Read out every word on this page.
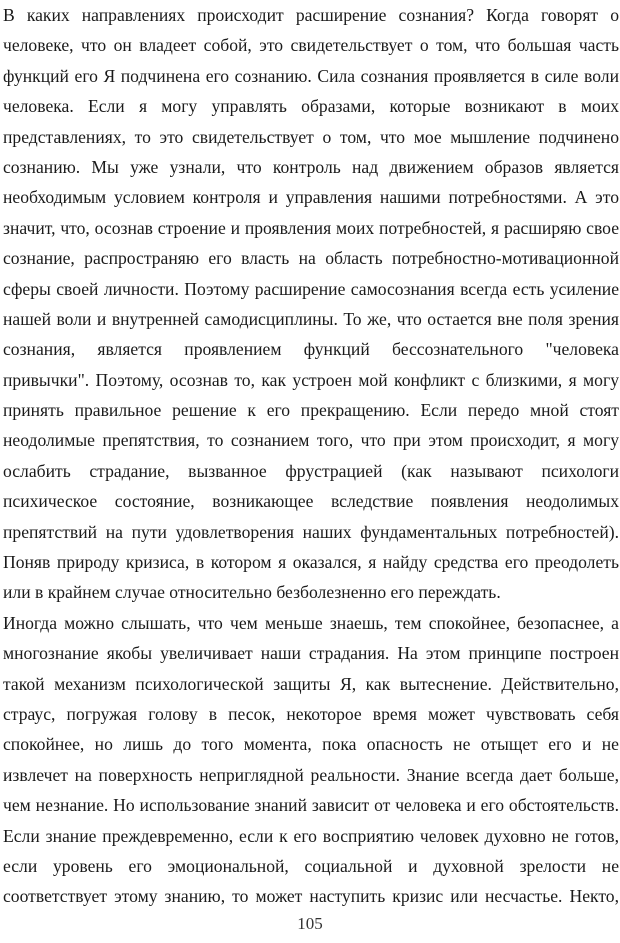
В каких направлениях происходит расширение сознания? Когда говорят о
человеке, что он владеет собой, это свидетельствует о том, что большая часть
функций его Я подчинена его сознанию. Сила сознания проявляется в силе воли
человека. Если я могу управлять образами, которые возникают в моих
представлениях, то это свидетельствует о том, что мое мышление подчинено
сознанию. Мы уже узнали, что контроль над движением образов является
необходимым условием контроля и управления нашими потребностями. А это
значит, что, осознав строение и проявления моих потребностей, я расширяю свое
сознание, распространяю его власть на область потребностно-мотивационной
сферы своей личности. Поэтому расширение самосознания всегда есть усиление
нашей воли и внутренней самодисциплины. То же, что остается вне поля зрения
сознания, является проявлением функций бессознательного "человека
привычки". Поэтому, осознав то, как устроен мой конфликт с близкими, я могу
принять правильное решение к его прекращению. Если передо мной стоят
неодолимые препятствия, то сознанием того, что при этом происходит, я могу
ослабить страдание, вызванное фрустрацией (как называют психологи
психическое состояние, возникающее вследствие появления неодолимых
препятствий на пути удовлетворения наших фундаментальных потребностей).
Поняв природу кризиса, в котором я оказался, я найду средства его преодолеть
или в крайнем случае относительно безболезненно его переждать.
Иногда можно слышать, что чем меньше знаешь, тем спокойнее, безопаснее, а
многознание якобы увеличивает наши страдания. На этом принципе построен
такой механизм психологической защиты Я, как вытеснение. Действительно,
страус, погружая голову в песок, некоторое время может чувствовать себя
спокойнее, но лишь до того момента, пока опасность не отыщет его и не
извлечет на поверхность неприглядной реальности. Знание всегда дает больше,
чем незнание. Но использование знаний зависит от человека и его обстоятельств.
Если знание преждевременно, если к его восприятию человек духовно не готов,
если уровень его эмоциональной, социальной и духовной зрелости не
соответствует этому знанию, то может наступить кризис или несчастье. Некто,
105
